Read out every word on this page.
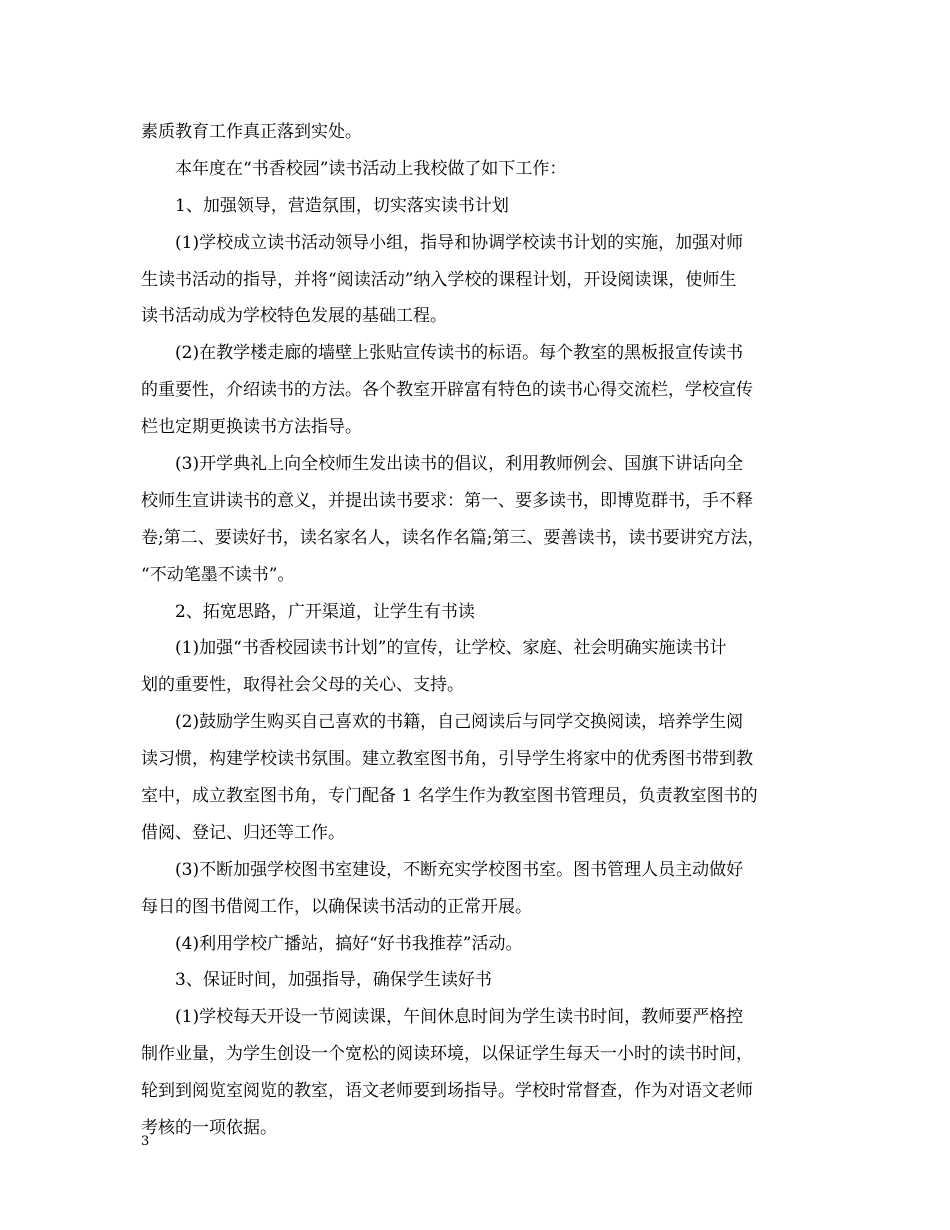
素质教育工作真正落到实处。
本年度在“书香校园”读书活动上我校做了如下工作：
1、加强领导，营造氛围，切实落实读书计划
(1)学校成立读书活动领导小组，指导和协调学校读书计划的实施，加强对师
生读书活动的指导，并将“阅读活动”纳入学校的课程计划，开设阅读课，使师生
读书活动成为学校特色发展的基础工程。
(2)在教学楼走廊的墙壁上张贴宣传读书的标语。每个教室的黑板报宣传读书
的重要性，介绍读书的方法。各个教室开辟富有特色的读书心得交流栏，学校宣传
栏也定期更换读书方法指导。
(3)开学典礼上向全校师生发出读书的倡议，利用教师例会、国旗下讲话向全
校师生宣讲读书的意义，并提出读书要求：第一、要多读书，即博览群书，手不释
卷;第二、要读好书，读名家名人，读名作名篇;第三、要善读书，读书要讲究方法，
“不动笔墨不读书”。
2、拓宽思路，广开渠道，让学生有书读
(1)加强“书香校园读书计划”的宣传，让学校、家庭、社会明确实施读书计
划的重要性，取得社会父母的关心、支持。
(2)鼓励学生购买自己喜欢的书籍，自己阅读后与同学交换阅读，培养学生阅
读习惯，构建学校读书氛围。建立教室图书角，引导学生将家中的优秀图书带到教
室中，成立教室图书角，专门配备 1 名学生作为教室图书管理员，负责教室图书的
借阅、登记、归还等工作。
(3)不断加强学校图书室建设，不断充实学校图书室。图书管理人员主动做好
每日的图书借阅工作，以确保读书活动的正常开展。
(4)利用学校广播站，搞好“好书我推荐”活动。
3、保证时间，加强指导，确保学生读好书
(1)学校每天开设一节阅读课，午间休息时间为学生读书时间，教师要严格控
制作业量，为学生创设一个宽松的阅读环境，以保证学生每天一小时的读书时间，
轮到到阅览室阅览的教室，语文老师要到场指导。学校时常督查，作为对语文老师
考核的一项依据。
3
